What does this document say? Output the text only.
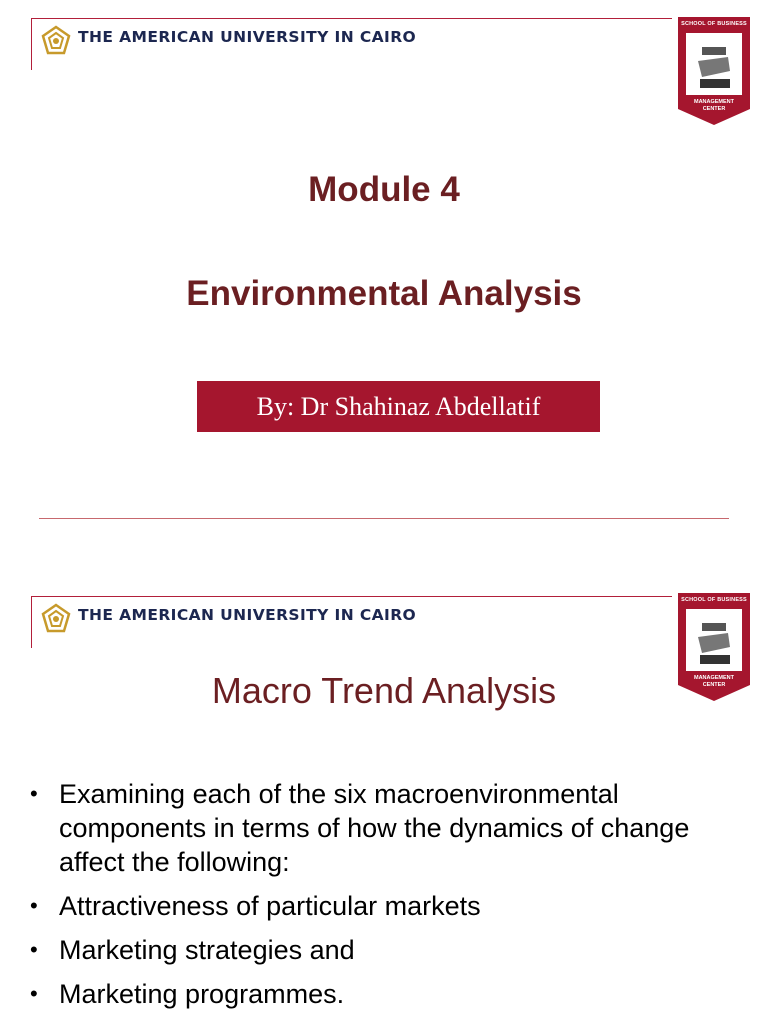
THE AMERICAN UNIVERSITY IN CAIRO
SCHOOL OF BUSINESS
MANAGEMENT
CENTER
Module 4
Environmental Analysis
By: Dr Shahinaz Abdellatif
THE AMERICAN UNIVERSITY IN CAIRO
SCHOOL OF BUSINESS
MANAGEMENT
CENTER
Macro Trend Analysis
• Examining each of the six macroenvironmental components in terms of how the dynamics of change affect the following:
• Attractiveness of particular markets
• Marketing strategies and
• Marketing programmes.
